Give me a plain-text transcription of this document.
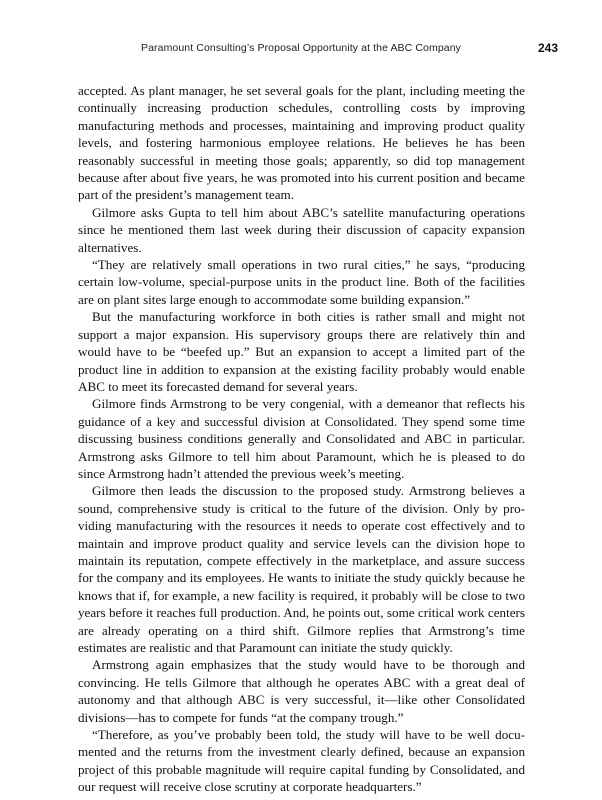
Paramount Consulting’s Proposal Opportunity at the ABC Company	243

accepted. As plant manager, he set several goals for the plant, including meeting the continually increasing production schedules, controlling costs by improving manufacturing methods and processes, maintaining and improving product quality levels, and fostering harmonious employee relations. He believes he has been reasonably successful in meeting those goals; apparently, so did top management because after about five years, he was promoted into his current position and became part of the president’s management team.

Gilmore asks Gupta to tell him about ABC’s satellite manufacturing operations since he mentioned them last week during their discussion of capacity expansion alternatives.

“They are relatively small operations in two rural cities,” he says, “producing certain low-volume, special-purpose units in the product line. Both of the facilities are on plant sites large enough to accommodate some building expansion.”

But the manufacturing workforce in both cities is rather small and might not support a major expansion. His supervisory groups there are relatively thin and would have to be “beefed up.” But an expansion to accept a limited part of the product line in addition to expansion at the existing facility probably would enable ABC to meet its forecasted demand for several years.

Gilmore finds Armstrong to be very congenial, with a demeanor that reflects his guidance of a key and successful division at Consolidated. They spend some time discussing business conditions generally and Consolidated and ABC in particular. Armstrong asks Gilmore to tell him about Paramount, which he is pleased to do since Armstrong hadn’t attended the previous week’s meeting.

Gilmore then leads the discussion to the proposed study. Armstrong believes a sound, comprehensive study is critical to the future of the division. Only by providing manufacturing with the resources it needs to operate cost effectively and to maintain and improve product quality and service levels can the division hope to maintain its reputation, compete effectively in the marketplace, and assure success for the company and its employees. He wants to initiate the study quickly because he knows that if, for example, a new facility is required, it probably will be close to two years before it reaches full production. And, he points out, some critical work centers are already operating on a third shift. Gilmore replies that Armstrong’s time estimates are realistic and that Paramount can initiate the study quickly.

Armstrong again emphasizes that the study would have to be thorough and convincing. He tells Gilmore that although he operates ABC with a great deal of autonomy and that although ABC is very successful, it—like other Consolidated divisions—has to compete for funds “at the company trough.”

“Therefore, as you’ve probably been told, the study will have to be well documented and the returns from the investment clearly defined, because an expansion project of this probable magnitude will require capital funding by Consolidated, and our request will receive close scrutiny at corporate headquarters.”
